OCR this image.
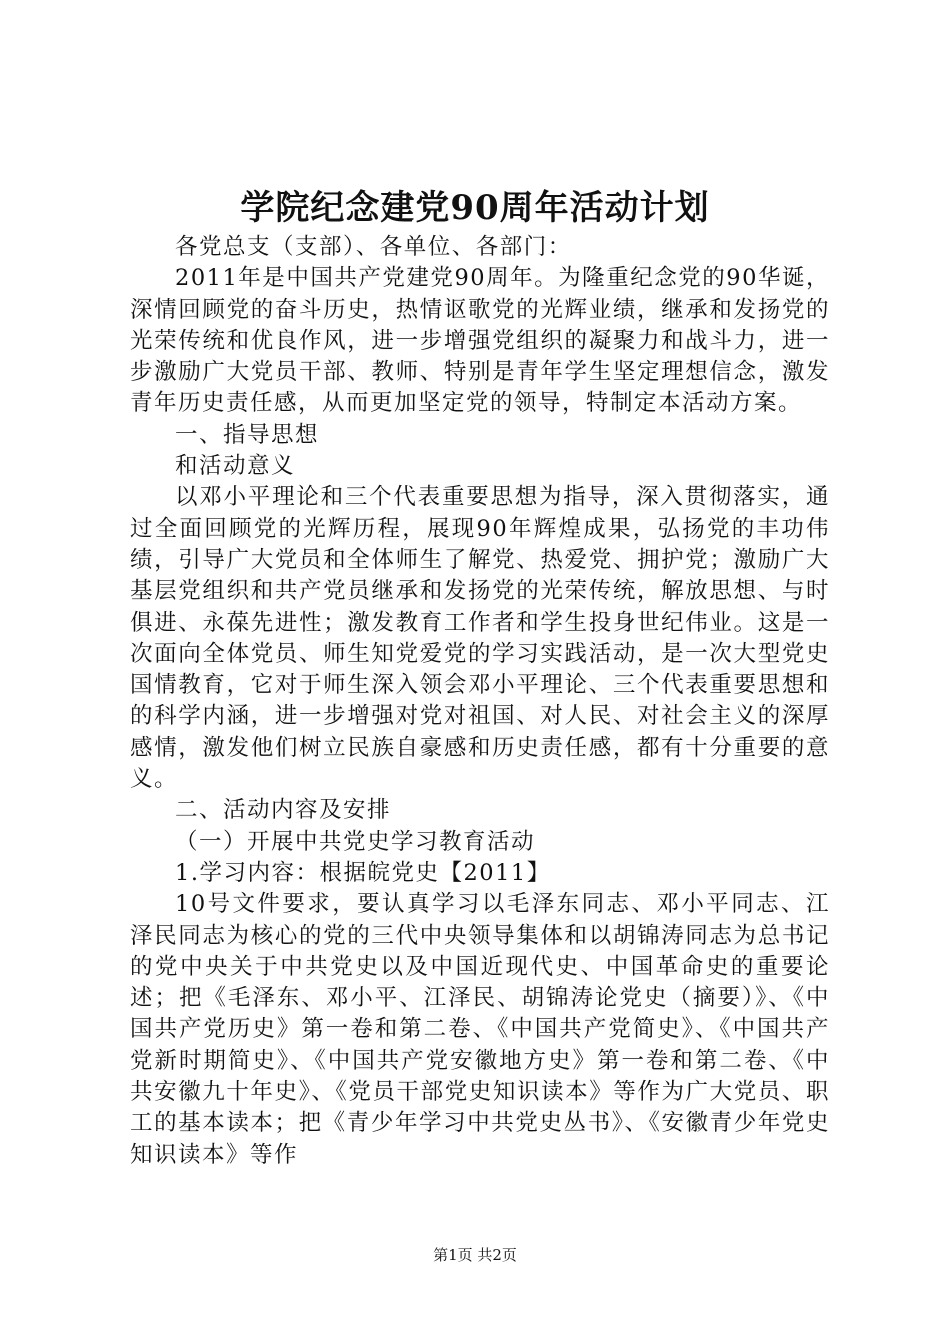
学院纪念建党90周年活动计划

各党总支（支部）、各单位、各部门：

2011年是中国共产党建党90周年。为隆重纪念党的90华诞，深情回顾党的奋斗历史，热情讴歌党的光辉业绩，继承和发扬党的光荣传统和优良作风，进一步增强党组织的凝聚力和战斗力，进一步激励广大党员干部、教师、特别是青年学生坚定理想信念，激发青年历史责任感，从而更加坚定党的领导，特制定本活动方案。

一、指导思想

和活动意义

以邓小平理论和三个代表重要思想为指导，深入贯彻落实，通过全面回顾党的光辉历程，展现90年辉煌成果，弘扬党的丰功伟绩，引导广大党员和全体师生了解党、热爱党、拥护党；激励广大基层党组织和共产党员继承和发扬党的光荣传统，解放思想、与时俱进、永葆先进性；激发教育工作者和学生投身世纪伟业。这是一次面向全体党员、师生知党爱党的学习实践活动，是一次大型党史国情教育，它对于师生深入领会邓小平理论、三个代表重要思想和的科学内涵，进一步增强对党对祖国、对人民、对社会主义的深厚感情，激发他们树立民族自豪感和历史责任感，都有十分重要的意义。

二、活动内容及安排

（一）开展中共党史学习教育活动

1.学习内容：根据皖党史【2011】

10号文件要求，要认真学习以毛泽东同志、邓小平同志、江泽民同志为核心的党的三代中央领导集体和以胡锦涛同志为总书记的党中央关于中共党史以及中国近现代史、中国革命史的重要论述；把《毛泽东、邓小平、江泽民、胡锦涛论党史（摘要）》、《中国共产党历史》第一卷和第二卷、《中国共产党简史》、《中国共产党新时期简史》、《中国共产党安徽地方史》第一卷和第二卷、《中共安徽九十年史》、《党员干部党史知识读本》等作为广大党员、职工的基本读本；把《青少年学习中共党史丛书》、《安徽青少年党史知识读本》等作

第1页 共2页
